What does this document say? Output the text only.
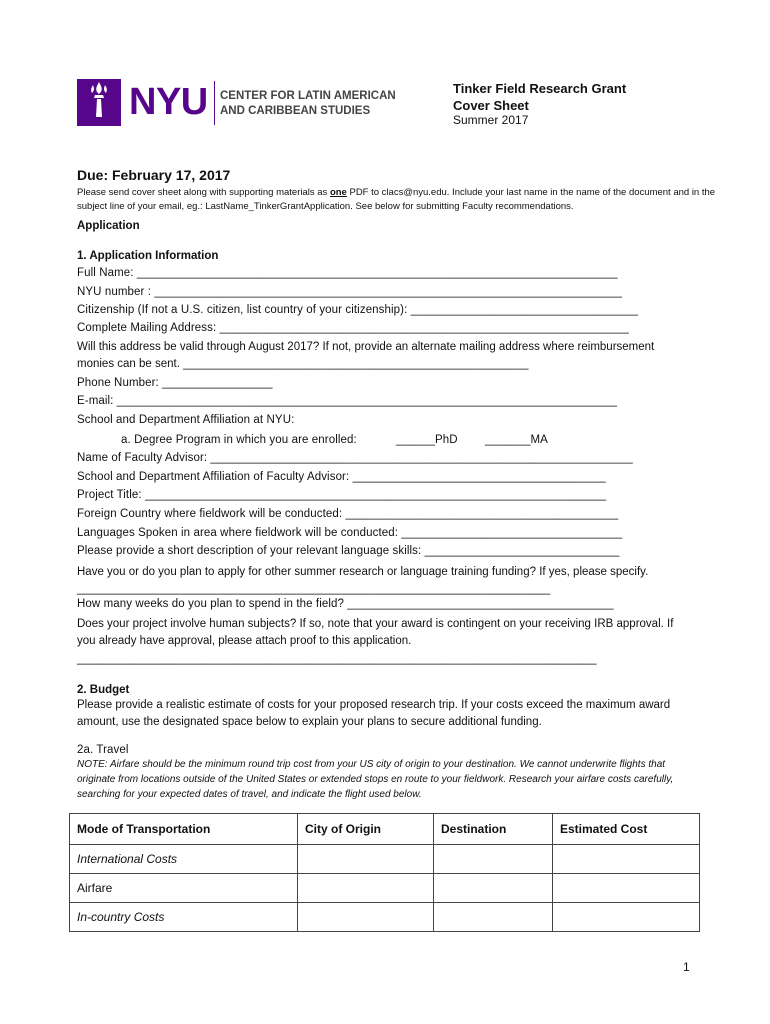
NYU CENTER FOR LATIN AMERICAN
AND CARIBBEAN STUDIES
Tinker Field Research Grant
Cover Sheet
Summer 2017
Due: February 17, 2017
Please send cover sheet along with supporting materials as one PDF to clacs@nyu.edu. Include your last name in the name of the document and in the subject line of your email, eg.: LastName_TinkerGrantApplication. See below for submitting Faculty recommendations.
Application
1. Application Information
Full Name: __________________________________________________________________________
NYU number : ________________________________________________________________________
Citizenship (If not a U.S. citizen, list country of your citizenship): ___________________________________
Complete Mailing Address: _______________________________________________________________
Will this address be valid through August 2017? If not, provide an alternate mailing address where reimbursement monies can be sent. ______________________________________________________
Phone Number: _________________
E-mail: _____________________________________________________________________________
School and Department Affiliation at NYU:
a. Degree Program in which you are enrolled:	______PhD _______MA
Name of Faculty Advisor: _________________________________________________________________
School and Department Affiliation of Faculty Advisor: _______________________________________
Project Title: _______________________________________________________________________
Foreign Country where fieldwork will be conducted: __________________________________________
Languages Spoken in area where fieldwork will be conducted: __________________________________
Please provide a short description of your relevant language skills: ______________________________
Have you or do you plan to apply for other summer research or language training funding? If yes, please specify. __________________________________________________________________________
How many weeks do you plan to spend in the field? _________________________________________
Does your project involve human subjects? If so, note that your award is contingent on your receiving IRB approval. If you already have approval, please attach proof to this application.
________________________________________________________________________________
2. Budget
Please provide a realistic estimate of costs for your proposed research trip. If your costs exceed the maximum award amount, use the designated space below to explain your plans to secure additional funding.
2a. Travel
NOTE: Airfare should be the minimum round trip cost from your US city of origin to your destination. We cannot underwrite flights that originate from locations outside of the United States or extended stops en route to your fieldwork. Research your airfare costs carefully, searching for your expected dates of travel, and indicate the flight used below.
Mode of Transportation	City of Origin	Destination	Estimated Cost
International Costs			
Airfare			
In-country Costs			
1
